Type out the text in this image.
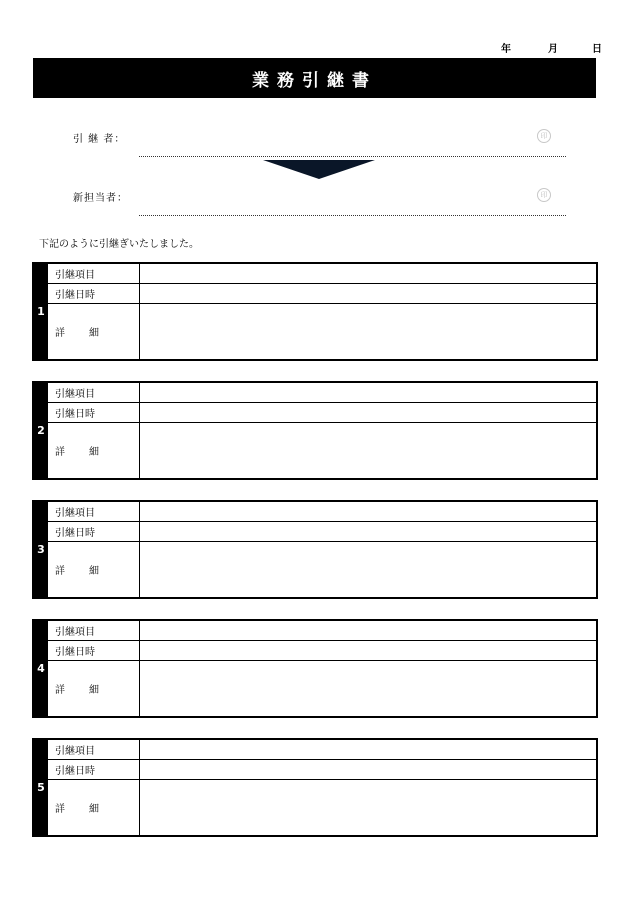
年	月	日
業務引継書
引 継 者：	印
新担当者：	印
下記のように引継ぎいたしました。
1
引継項目
引継日時
詳 細
2
引継項目
引継日時
詳 細
3
引継項目
引継日時
詳 細
4
引継項目
引継日時
詳 細
5
引継項目
引継日時
詳 細
